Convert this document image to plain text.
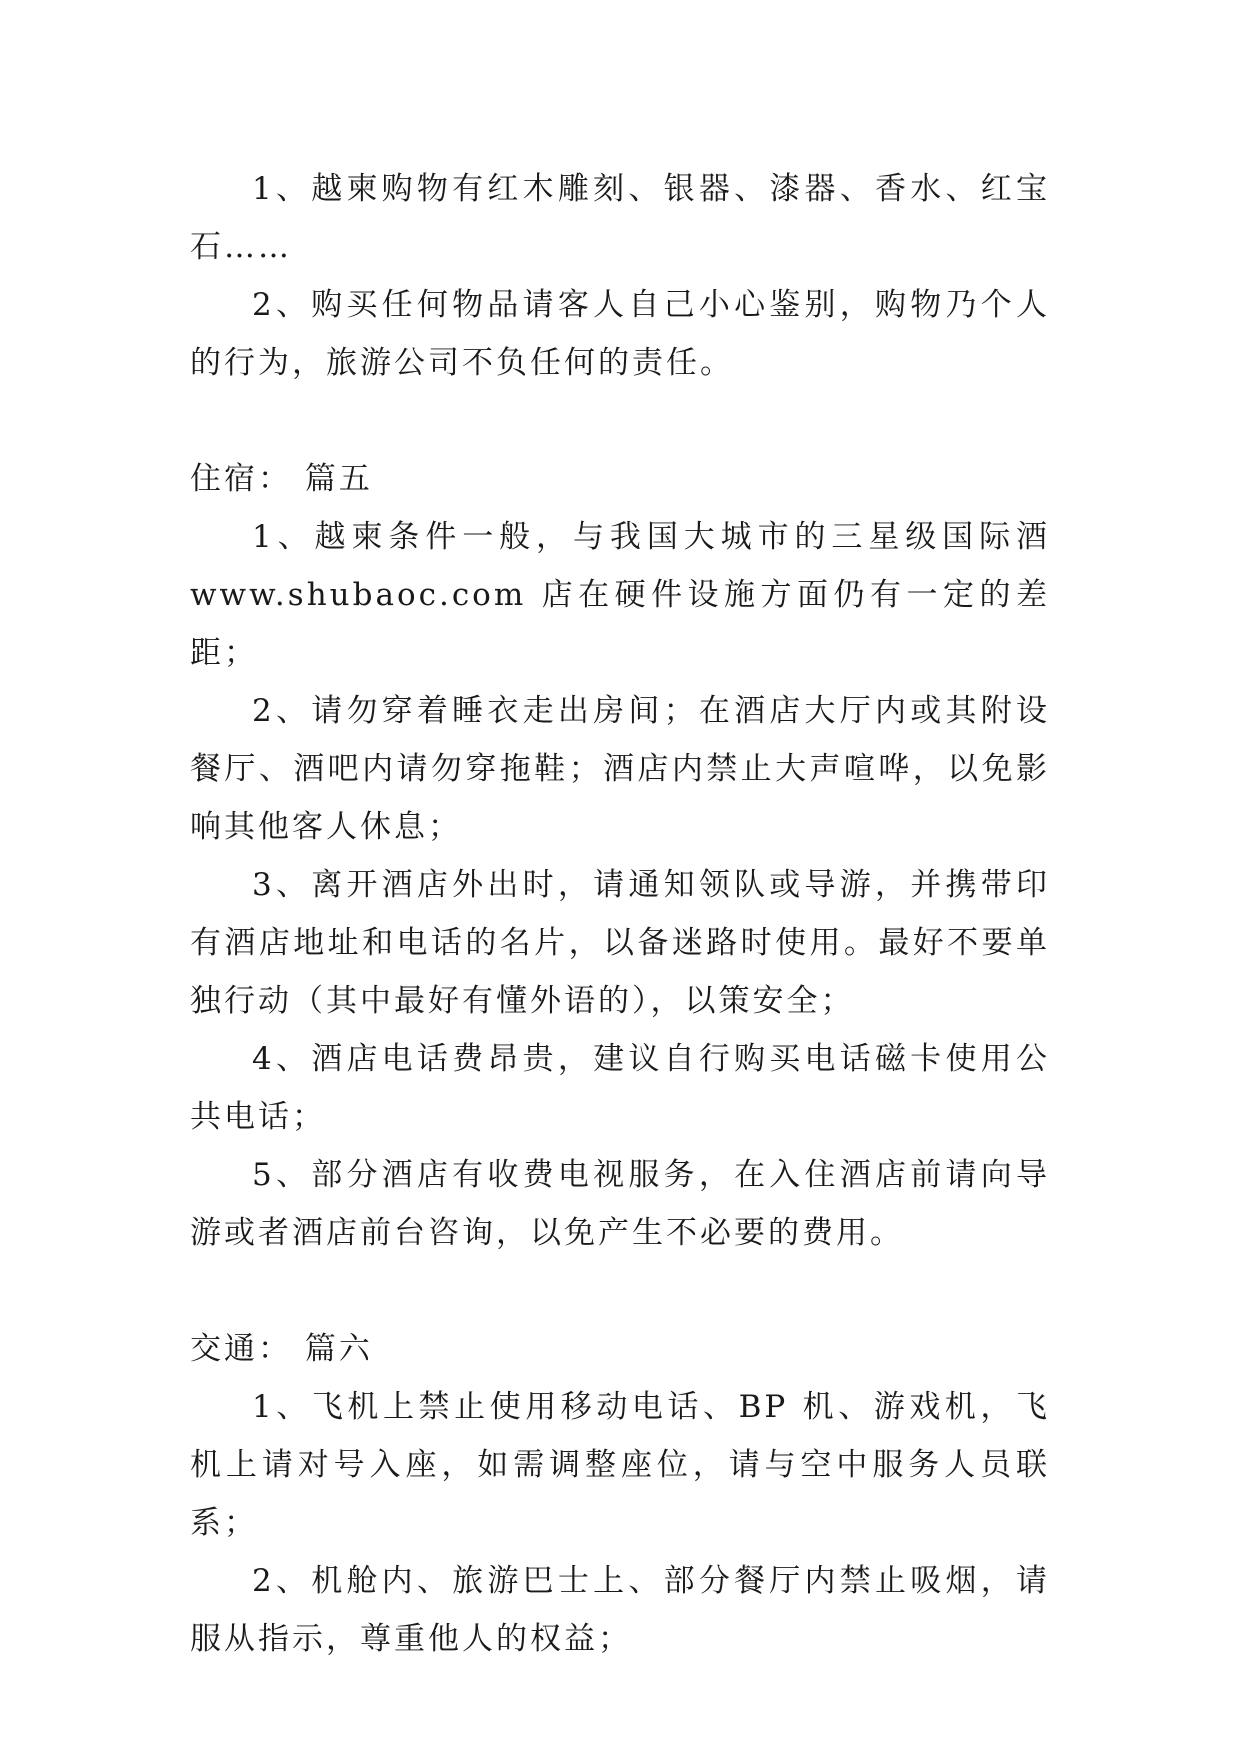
1、越柬购物有红木雕刻、银器、漆器、香水、红宝石……

2、购买任何物品请客人自己小心鉴别，购物乃个人的行为，旅游公司不负任何的责任。

住宿： 篇五

1、越柬条件一般，与我国大城市的三星级国际酒www.shubaoc.com 店在硬件设施方面仍有一定的差距；

2、请勿穿着睡衣走出房间；在酒店大厅内或其附设餐厅、酒吧内请勿穿拖鞋；酒店内禁止大声喧哗，以免影响其他客人休息；

3、离开酒店外出时，请通知领队或导游，并携带印有酒店地址和电话的名片，以备迷路时使用。最好不要单独行动（其中最好有懂外语的），以策安全；

4、酒店电话费昂贵，建议自行购买电话磁卡使用公共电话；

5、部分酒店有收费电视服务，在入住酒店前请向导游或者酒店前台咨询，以免产生不必要的费用。

交通： 篇六

1、飞机上禁止使用移动电话、BP 机、游戏机，飞机上请对号入座，如需调整座位，请与空中服务人员联系；

2、机舱内、旅游巴士上、部分餐厅内禁止吸烟，请服从指示，尊重他人的权益；
